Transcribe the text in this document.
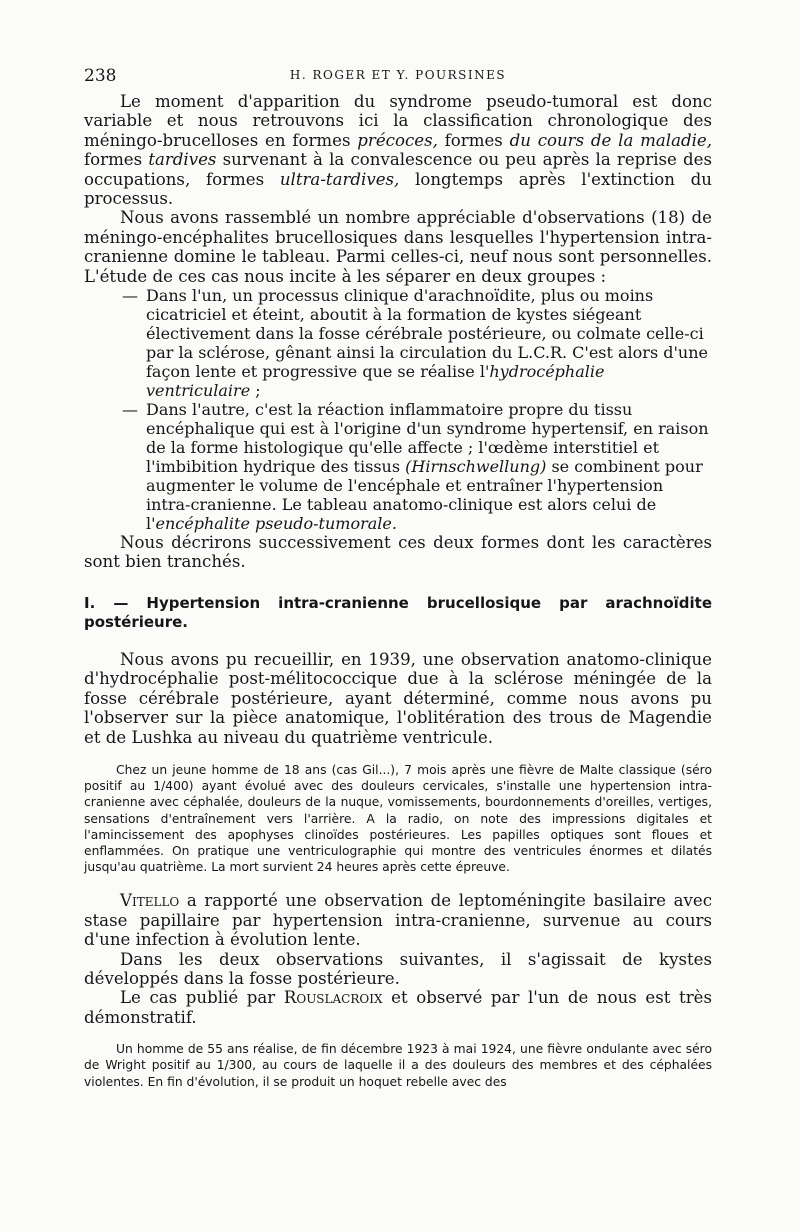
238	H. ROGER ET Y. POURSINES

Le moment d'apparition du syndrome pseudo-tumoral est donc variable et nous retrouvons ici la classification chronologique des méningo-brucelloses en formes précoces, formes du cours de la maladie, formes tardives survenant à la convalescence ou peu après la reprise des occupations, formes ultra-tardives, longtemps après l'extinction du processus.

Nous avons rassemblé un nombre appréciable d'observations (18) de méningo-encéphalites brucellosiques dans lesquelles l'hypertension intra-cranienne domine le tableau. Parmi celles-ci, neuf nous sont personnelles. L'étude de ces cas nous incite à les séparer en deux groupes :

— Dans l'un, un processus clinique d'arachnoïdite, plus ou moins cicatriciel et éteint, aboutit à la formation de kystes siégeant électivement dans la fosse cérébrale postérieure, ou colmate celle-ci par la sclérose, gênant ainsi la circulation du L.C.R. C'est alors d'une façon lente et progressive que se réalise l'hydrocéphalie ventriculaire ;
— Dans l'autre, c'est la réaction inflammatoire propre du tissu encéphalique qui est à l'origine d'un syndrome hypertensif, en raison de la forme histologique qu'elle affecte ; l'œdème interstitiel et l'imbibition hydrique des tissus (Hirnschwellung) se combinent pour augmenter le volume de l'encéphale et entraîner l'hypertension intra-cranienne. Le tableau anatomo-clinique est alors celui de l'encéphalite pseudo-tumorale.

Nous décrirons successivement ces deux formes dont les caractères sont bien tranchés.

I. — Hypertension intra-cranienne brucellosique par arachnoïdite postérieure.

Nous avons pu recueillir, en 1939, une observation anatomo-clinique d'hydrocéphalie post-mélitococcique due à la sclérose méningée de la fosse cérébrale postérieure, ayant déterminé, comme nous avons pu l'observer sur la pièce anatomique, l'oblitération des trous de Magendie et de Lushka au niveau du quatrième ventricule.

Chez un jeune homme de 18 ans (cas Gil...), 7 mois après une fièvre de Malte classique (séro positif au 1/400) ayant évolué avec des douleurs cervicales, s'installe une hypertension intra-cranienne avec céphalée, douleurs de la nuque, vomissements, bourdonnements d'oreilles, vertiges, sensations d'entraînement vers l'arrière. A la radio, on note des impressions digitales et l'amincissement des apophyses clinoïdes postérieures. Les papilles optiques sont floues et enflammées. On pratique une ventriculographie qui montre des ventricules énormes et dilatés jusqu'au quatrième. La mort survient 24 heures après cette épreuve.

Vitello a rapporté une observation de leptoméningite basilaire avec stase papillaire par hypertension intra-cranienne, survenue au cours d'une infection à évolution lente.

Dans les deux observations suivantes, il s'agissait de kystes développés dans la fosse postérieure.

Le cas publié par Rouslacroix et observé par l'un de nous est très démonstratif.

Un homme de 55 ans réalise, de fin décembre 1923 à mai 1924, une fièvre ondulante avec séro de Wright positif au 1/300, au cours de laquelle il a des douleurs des membres et des céphalées violentes. En fin d'évolution, il se produit un hoquet rebelle avec des
